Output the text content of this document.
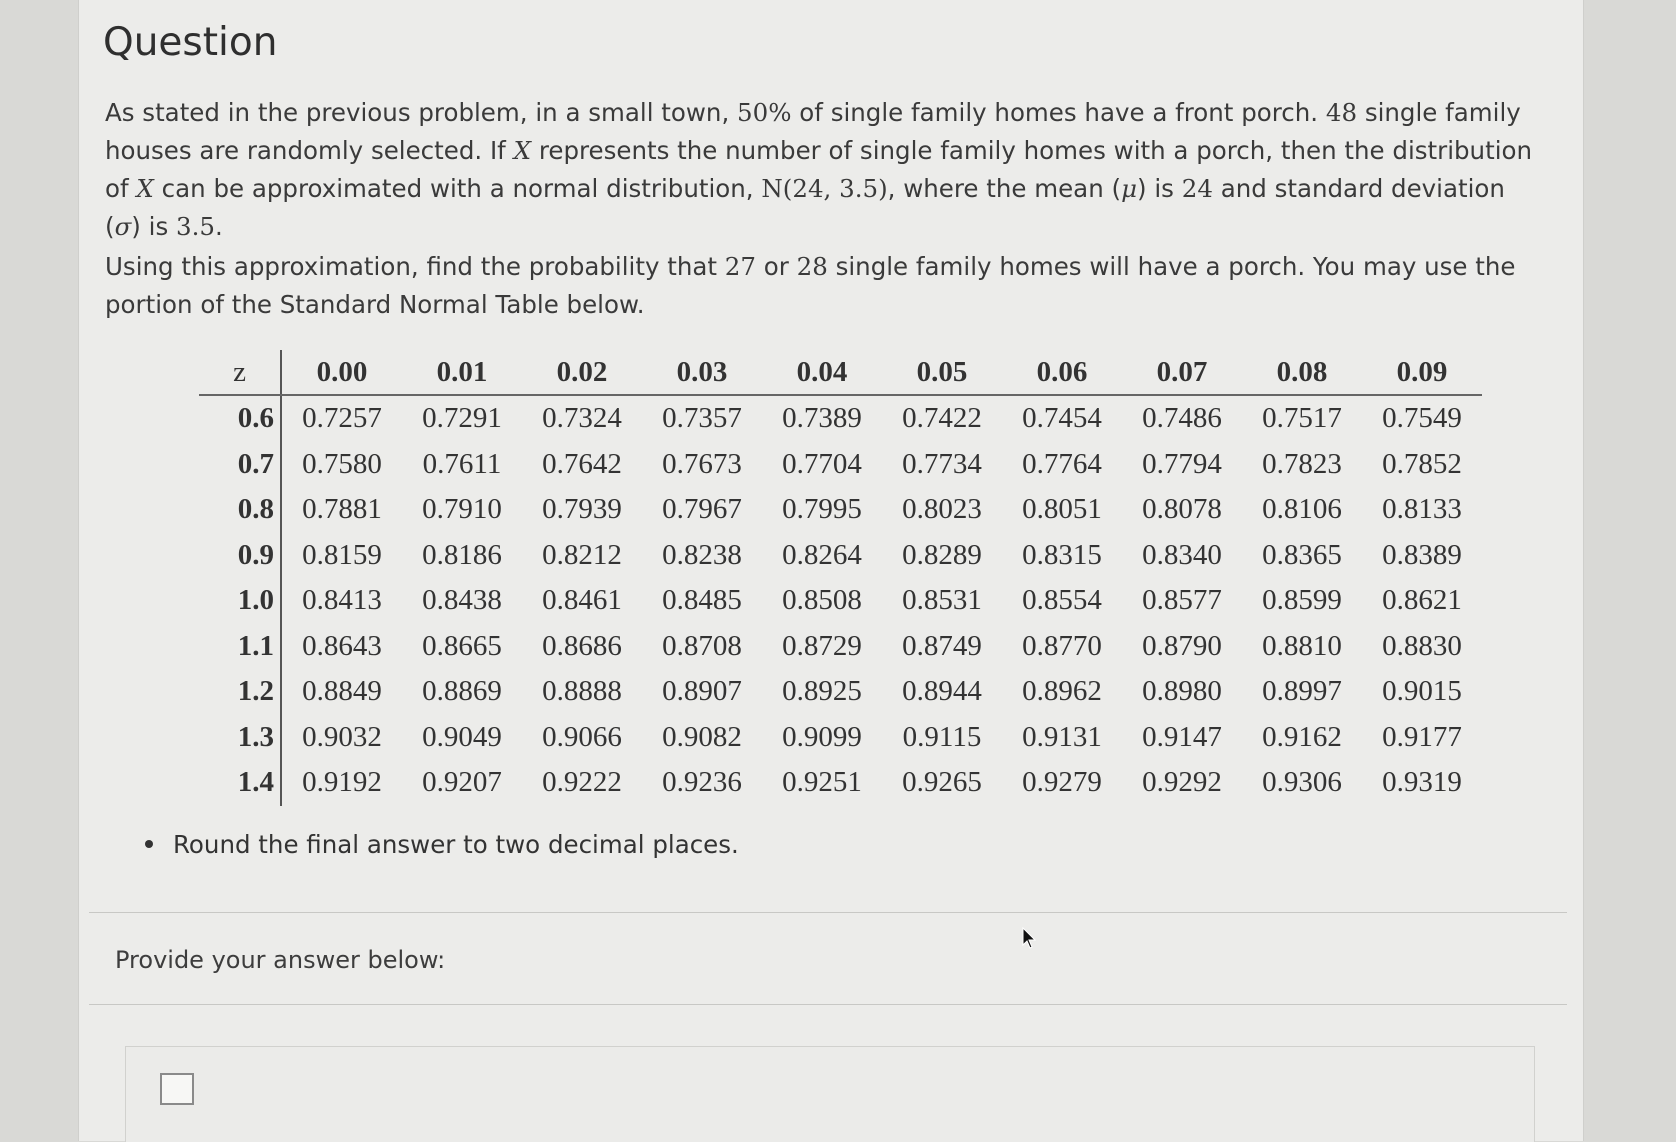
Question
As stated in the previous problem, in a small town, 50% of single family homes have a front porch. 48 single family houses are randomly selected. If X represents the number of single family homes with a porch, then the distribution of X can be approximated with a normal distribution, N(24, 3.5), where the mean (μ) is 24 and standard deviation (σ) is 3.5.
Using this approximation, find the probability that 27 or 28 single family homes will have a porch. You may use the portion of the Standard Normal Table below.
z	0.00	0.01	0.02	0.03	0.04	0.05	0.06	0.07	0.08	0.09
0.6	0.7257	0.7291	0.7324	0.7357	0.7389	0.7422	0.7454	0.7486	0.7517	0.7549
0.7	0.7580	0.7611	0.7642	0.7673	0.7704	0.7734	0.7764	0.7794	0.7823	0.7852
0.8	0.7881	0.7910	0.7939	0.7967	0.7995	0.8023	0.8051	0.8078	0.8106	0.8133
0.9	0.8159	0.8186	0.8212	0.8238	0.8264	0.8289	0.8315	0.8340	0.8365	0.8389
1.0	0.8413	0.8438	0.8461	0.8485	0.8508	0.8531	0.8554	0.8577	0.8599	0.8621
1.1	0.8643	0.8665	0.8686	0.8708	0.8729	0.8749	0.8770	0.8790	0.8810	0.8830
1.2	0.8849	0.8869	0.8888	0.8907	0.8925	0.8944	0.8962	0.8980	0.8997	0.9015
1.3	0.9032	0.9049	0.9066	0.9082	0.9099	0.9115	0.9131	0.9147	0.9162	0.9177
1.4	0.9192	0.9207	0.9222	0.9236	0.9251	0.9265	0.9279	0.9292	0.9306	0.9319
Round the final answer to two decimal places.
Provide your answer below:
